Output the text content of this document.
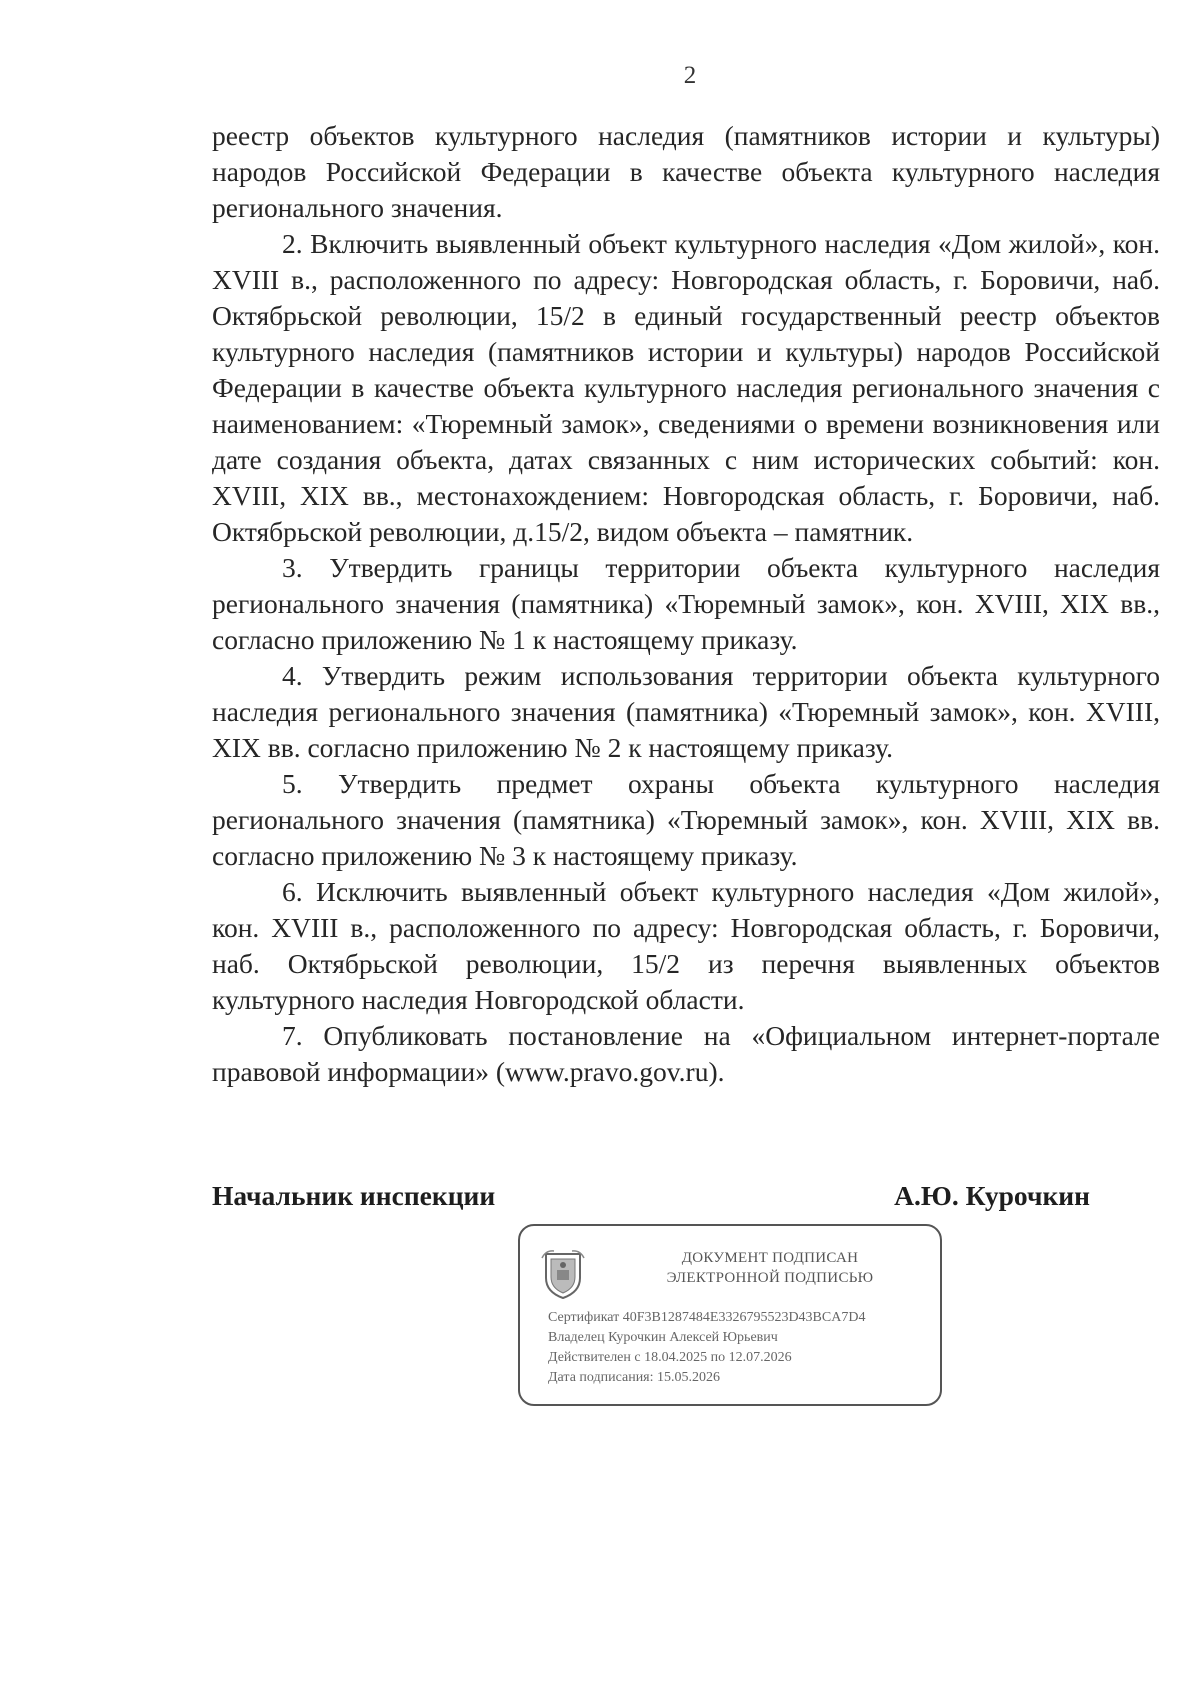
2

реестр объектов культурного наследия (памятников истории и культуры) народов Российской Федерации в качестве объекта культурного наследия регионального значения.

2. Включить выявленный объект культурного наследия «Дом жилой», кон. XVIII в., расположенного по адресу: Новгородская область, г. Боровичи, наб. Октябрьской революции, 15/2 в единый государственный реестр объектов культурного наследия (памятников истории и культуры) народов Российской Федерации в качестве объекта культурного наследия регионального значения с наименованием: «Тюремный замок», сведениями о времени возникновения или дате создания объекта, датах связанных с ним исторических событий: кон. XVIII, XIX вв., местонахождением: Новгородская область, г. Боровичи, наб. Октябрьской революции, д.15/2, видом объекта – памятник.

3. Утвердить границы территории объекта культурного наследия регионального значения (памятника) «Тюремный замок», кон. XVIII, XIX вв., согласно приложению № 1 к настоящему приказу.

4. Утвердить режим использования территории объекта культурного наследия регионального значения (памятника) «Тюремный замок», кон. XVIII, XIX вв. согласно приложению № 2 к настоящему приказу.

5. Утвердить предмет охраны объекта культурного наследия регионального значения (памятника) «Тюремный замок», кон. XVIII, XIX вв. согласно приложению № 3 к настоящему приказу.

6. Исключить выявленный объект культурного наследия «Дом жилой», кон. XVIII в., расположенного по адресу: Новгородская область, г. Боровичи, наб. Октябрьской революции, 15/2 из перечня выявленных объектов культурного наследия Новгородской области.

7. Опубликовать постановление на «Официальном интернет-портале правовой информации» (www.pravo.gov.ru).

Начальник инспекции	А.Ю. Курочкин
ДОКУМЕНТ ПОДПИСАН
ЭЛЕКТРОННОЙ ПОДПИСЬЮ
Сертификат 40F3B1287484E3326795523D43BCA7D4
Владелец Курочкин Алексей Юрьевич
Действителен с 18.04.2025 по 12.07.2026
Дата подписания: 15.05.2026
